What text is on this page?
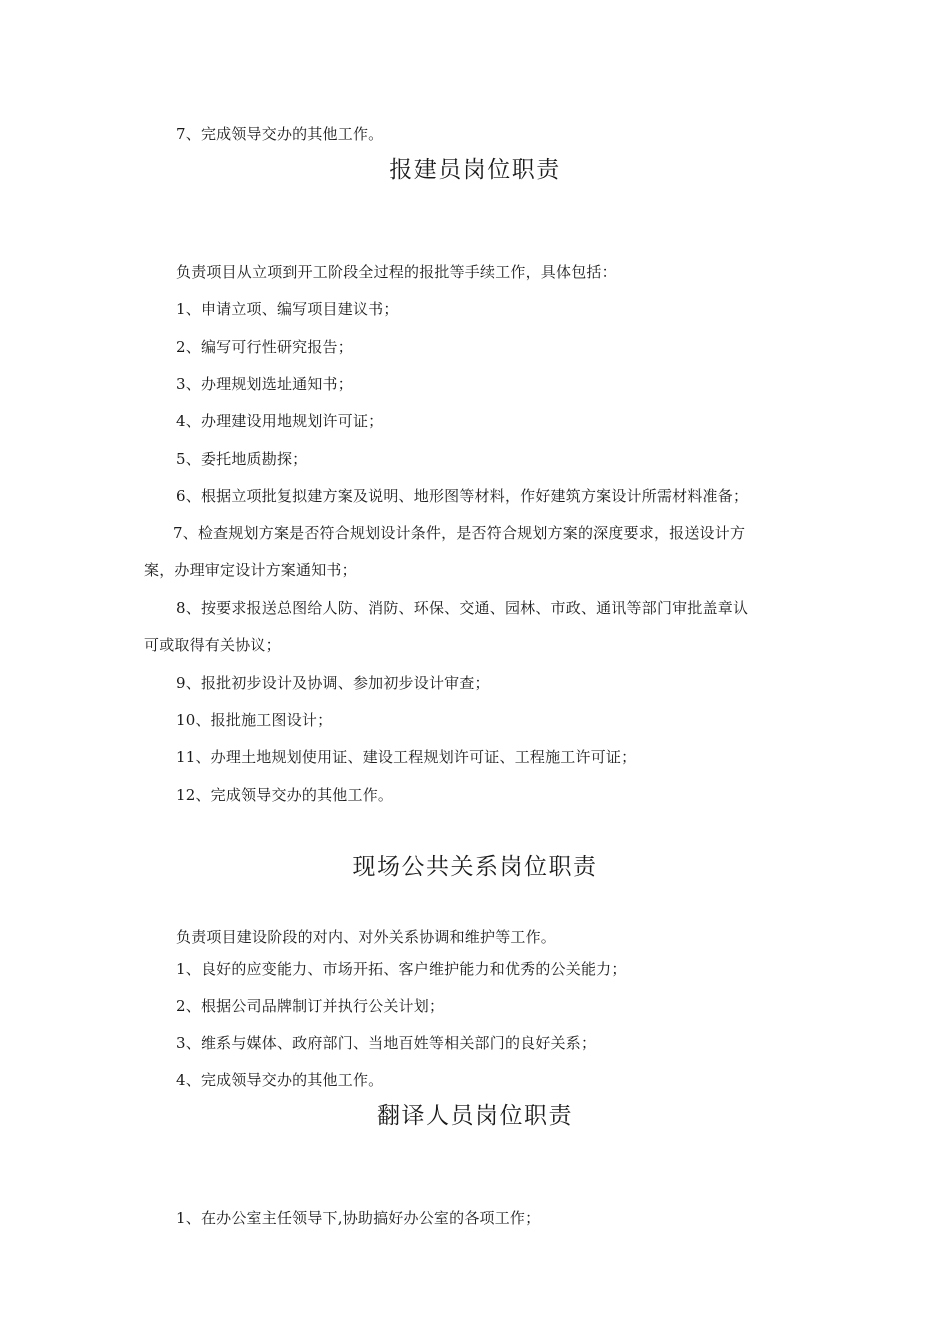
7、完成领导交办的其他工作。
报建员岗位职责
负责项目从立项到开工阶段全过程的报批等手续工作，具体包括：
1、申请立项、编写项目建议书；
2、编写可行性研究报告；
3、办理规划选址通知书；
4、办理建设用地规划许可证；
5、委托地质勘探；
6、根据立项批复拟建方案及说明、地形图等材料，作好建筑方案设计所需材料准备；
7、检查规划方案是否符合规划设计条件，是否符合规划方案的深度要求，报送设计方
案，办理审定设计方案通知书；
8、按要求报送总图给人防、消防、环保、交通、园林、市政、通讯等部门审批盖章认
可或取得有关协议；
9、报批初步设计及协调、参加初步设计审查；
10、报批施工图设计；
11、办理土地规划使用证、建设工程规划许可证、工程施工许可证；
12、完成领导交办的其他工作。
现场公共关系岗位职责
负责项目建设阶段的对内、对外关系协调和维护等工作。
1、良好的应变能力、市场开拓、客户维护能力和优秀的公关能力；
2、根据公司品牌制订并执行公关计划；
3、维系与媒体、政府部门、当地百姓等相关部门的良好关系；
4、完成领导交办的其他工作。
翻译人员岗位职责
1、在办公室主任领导下,协助搞好办公室的各项工作；
